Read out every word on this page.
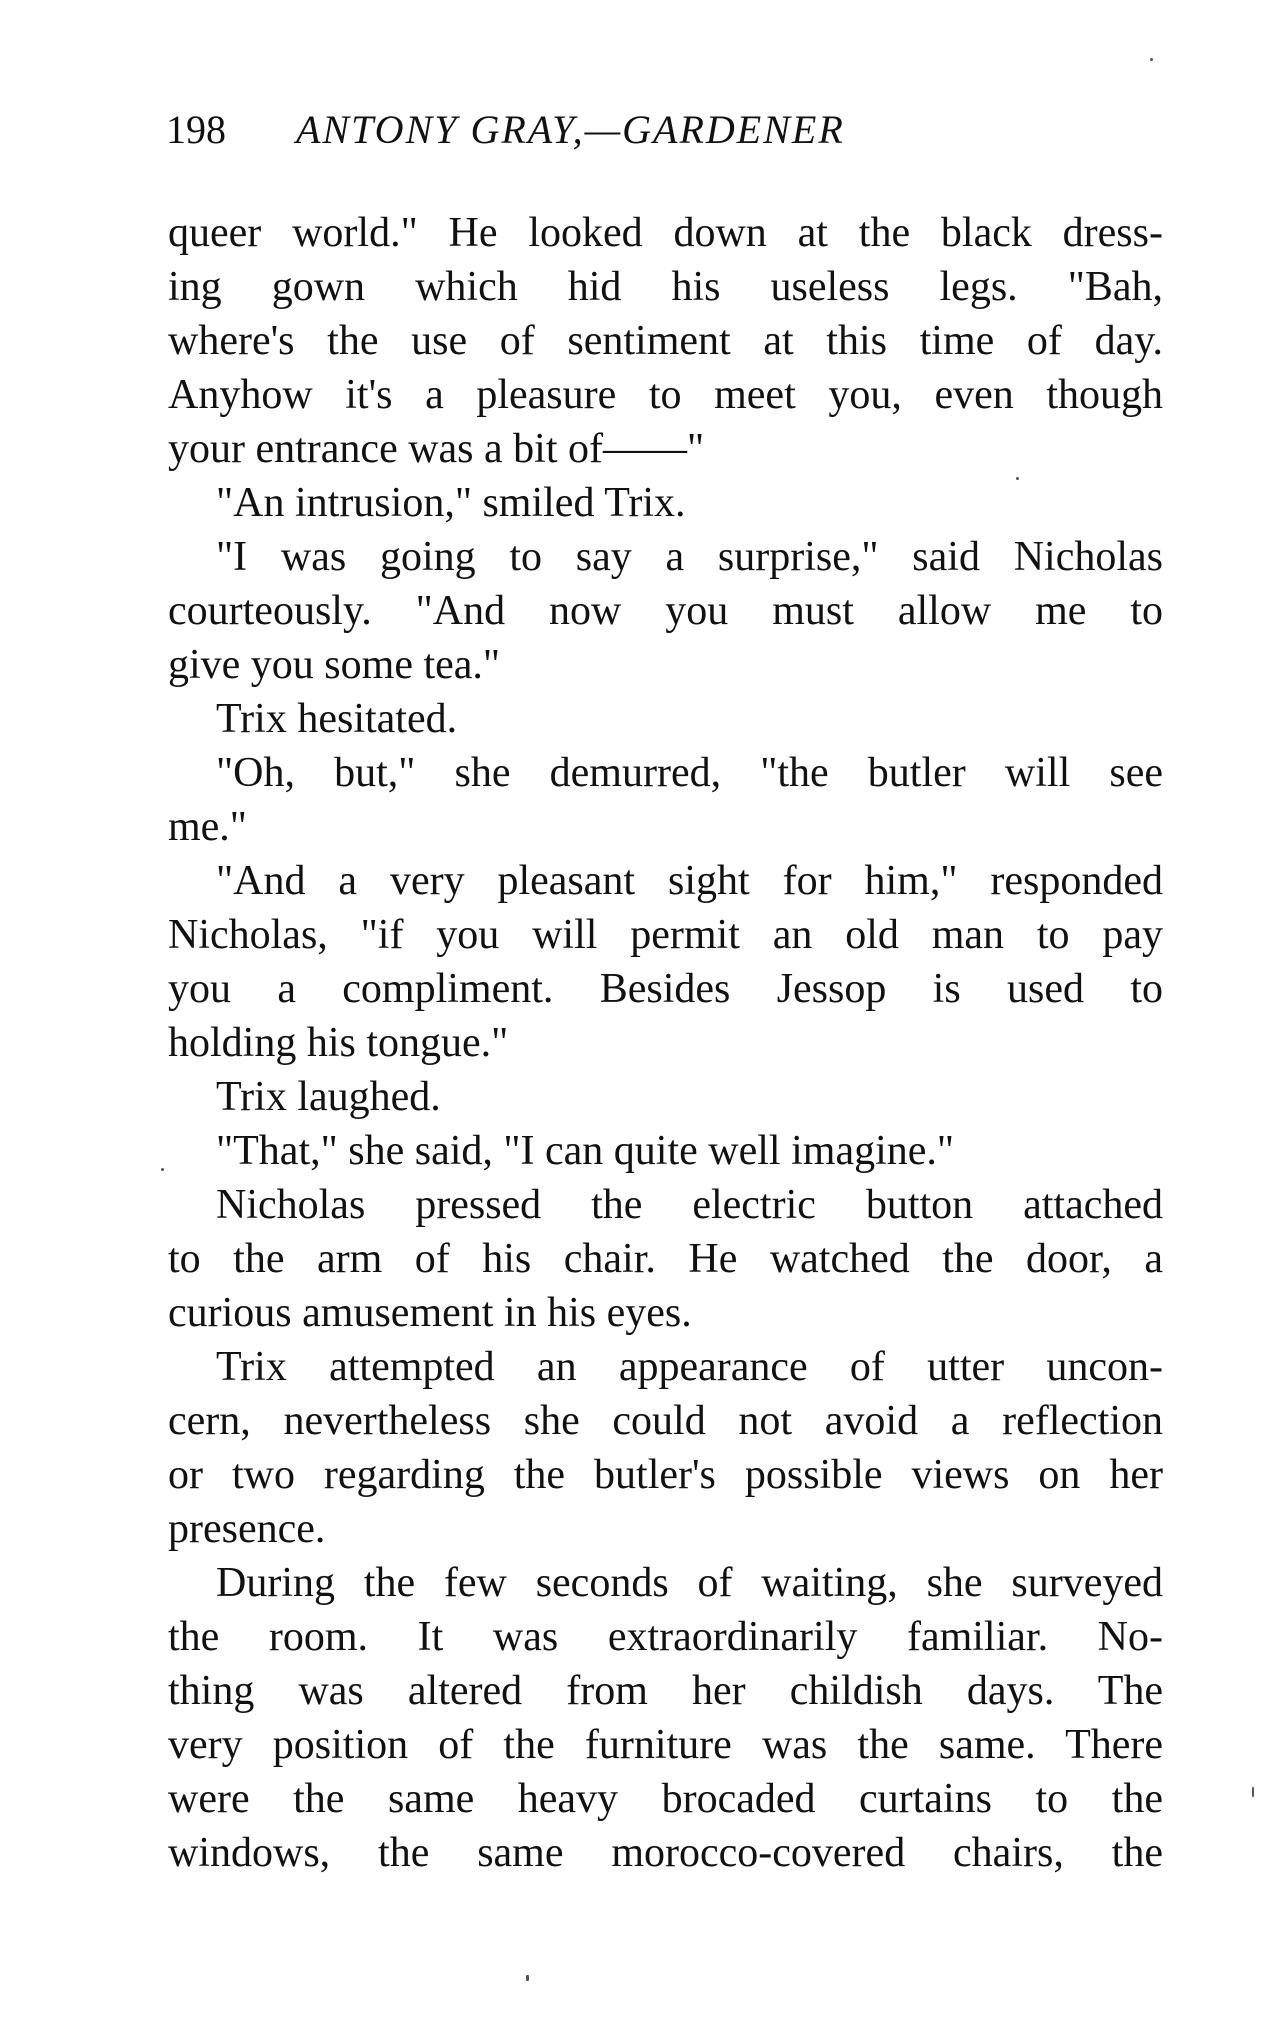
198 ANTONY GRAY,—GARDENER
queer world." He looked down at the black dress-
ing gown which hid his useless legs. "Bah,
where's the use of sentiment at this time of day.
Anyhow it's a pleasure to meet you, even though
your entrance was a bit of——"
"An intrusion," smiled Trix.
"I was going to say a surprise," said Nicholas
courteously. "And now you must allow me to
give you some tea."
Trix hesitated.
"Oh, but," she demurred, "the butler will see
me."
"And a very pleasant sight for him," responded
Nicholas, "if you will permit an old man to pay
you a compliment. Besides Jessop is used to
holding his tongue."
Trix laughed.
"That," she said, "I can quite well imagine."
Nicholas pressed the electric button attached
to the arm of his chair. He watched the door, a
curious amusement in his eyes.
Trix attempted an appearance of utter uncon-
cern, nevertheless she could not avoid a reflection
or two regarding the butler's possible views on her
presence.
During the few seconds of waiting, she surveyed
the room. It was extraordinarily familiar. No-
thing was altered from her childish days. The
very position of the furniture was the same. There
were the same heavy brocaded curtains to the
windows, the same morocco-covered chairs, the
